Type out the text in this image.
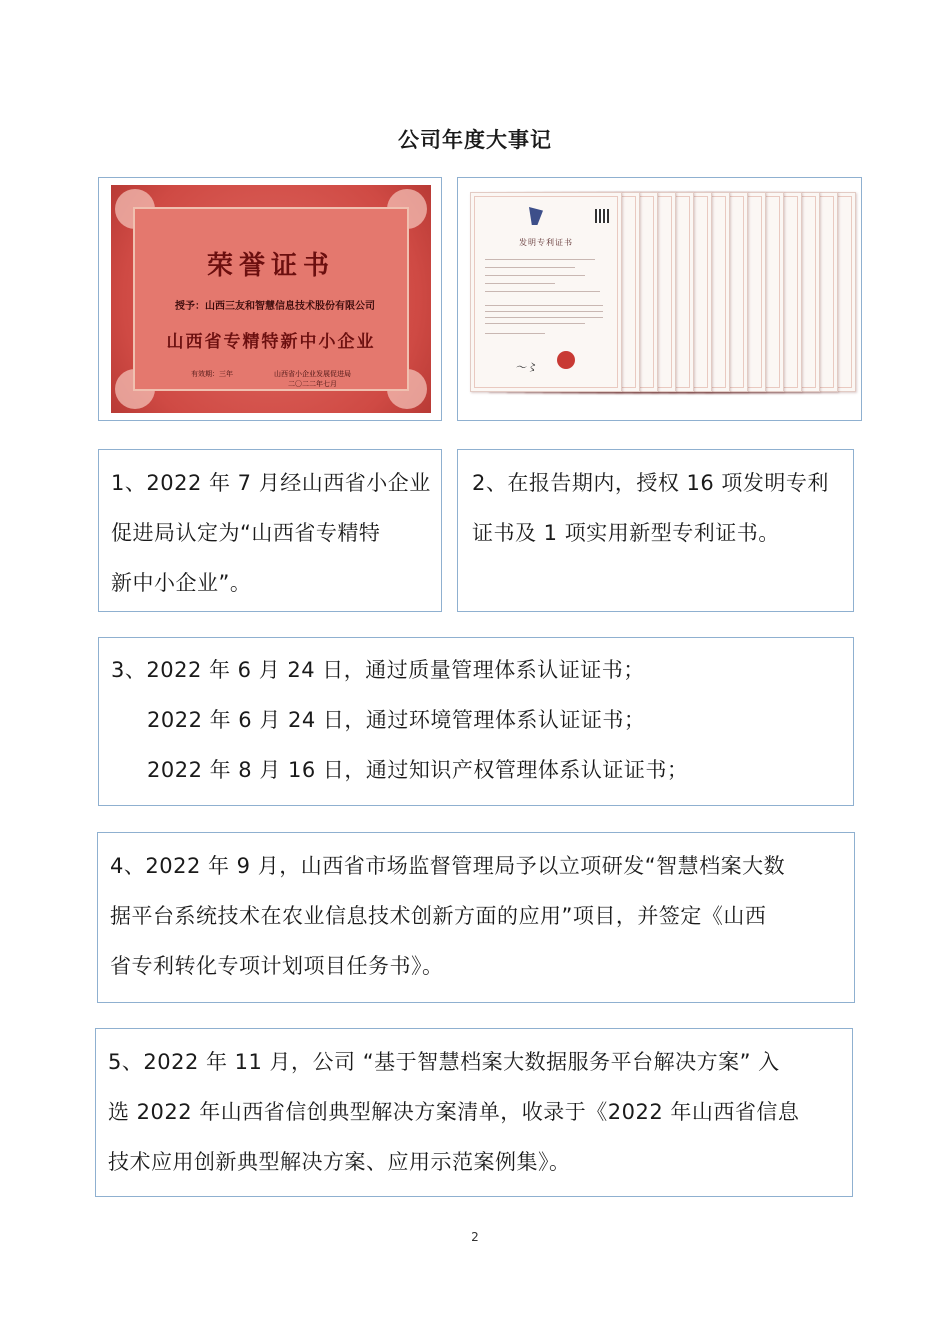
公司年度大事记
荣誉证书
授予：山西三友和智慧信息技术股份有限公司
山西省专精特新中小企业
有效期：三年	山西省小企业发展促进局
二〇二二年七月
发明专利证书
〜〻
1、2022 年 7 月经山西省小企业
促进局认定为“山西省专精特
新中小企业”。
2、在报告期内，授权 16 项发明专利
证书及 1 项实用新型专利证书。
3、2022 年 6 月 24 日，通过质量管理体系认证证书；
2022 年 6 月 24 日，通过环境管理体系认证证书；
2022 年 8 月 16 日，通过知识产权管理体系认证证书；
4、2022 年 9 月，山西省市场监督管理局予以立项研发“智慧档案大数
据平台系统技术在农业信息技术创新方面的应用”项目，并签定《山西
省专利转化专项计划项目任务书》。
5、2022 年 11 月，公司 “基于智慧档案大数据服务平台解决方案” 入
选 2022 年山西省信创典型解决方案清单，收录于《2022 年山西省信息
技术应用创新典型解决方案、应用示范案例集》。
2
